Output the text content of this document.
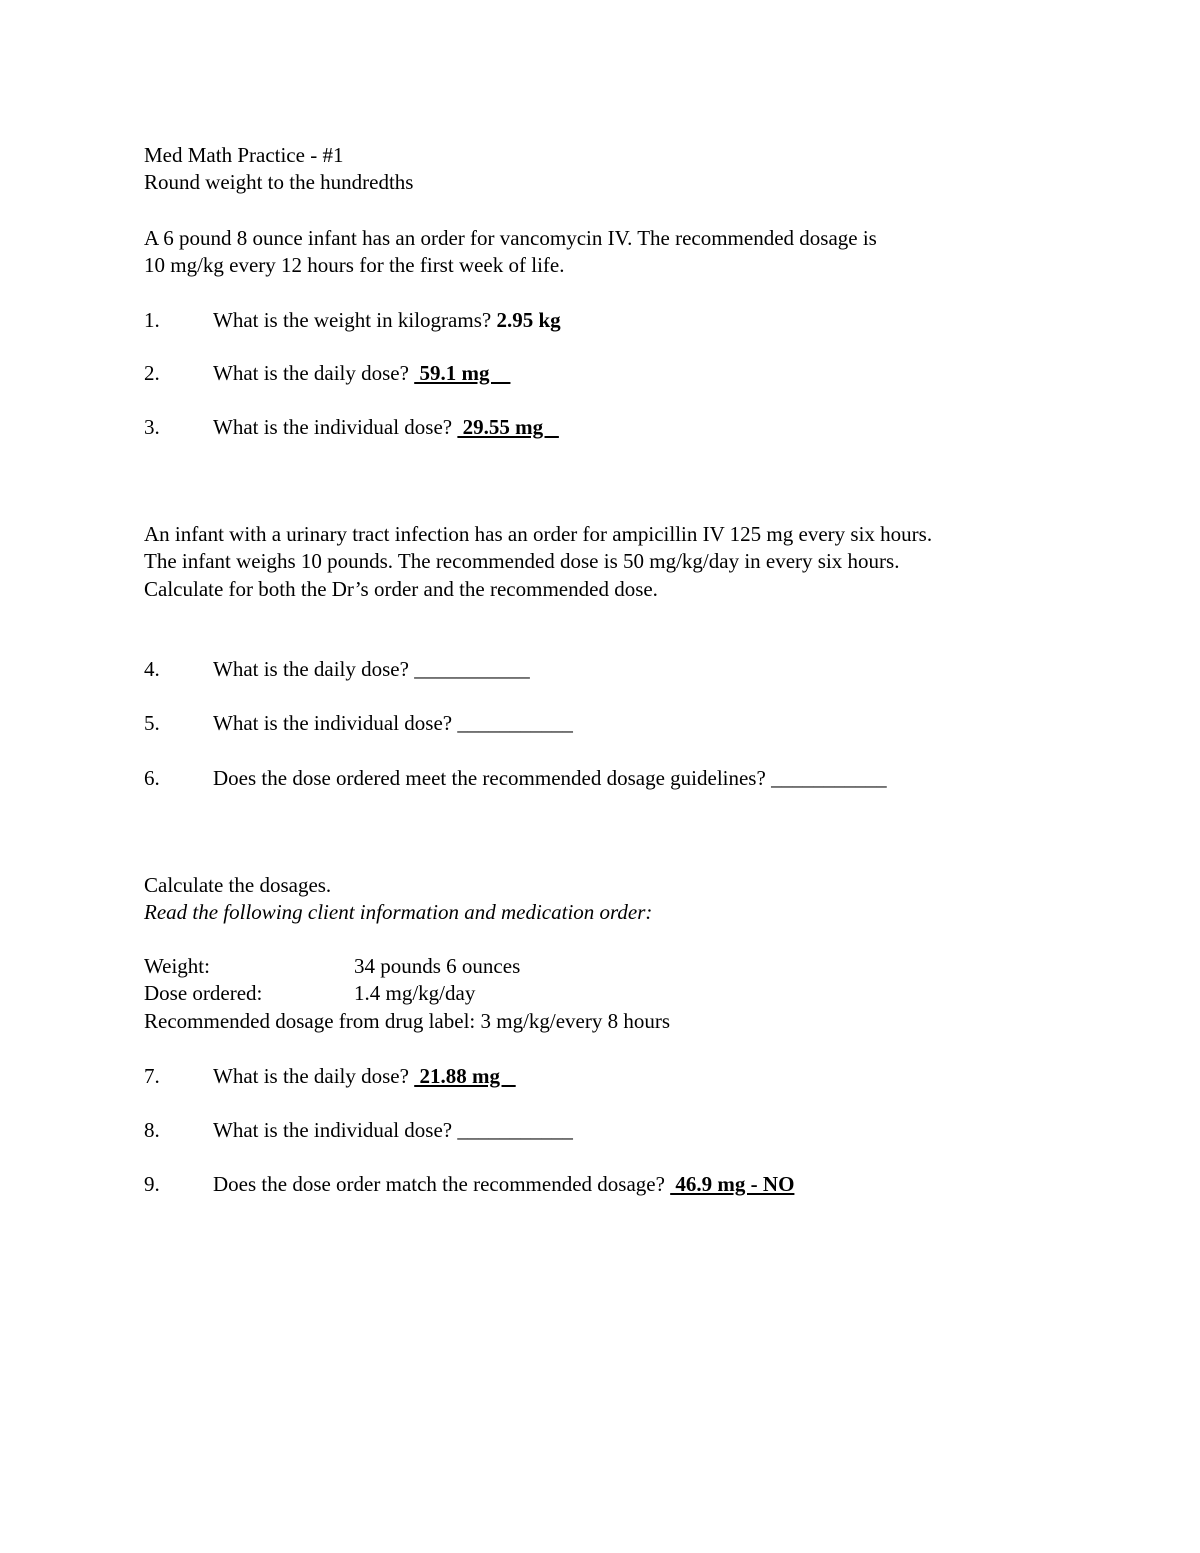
Med Math Practice - #1
Round weight to the hundredths
A 6 pound 8 ounce infant has an order for vancomycin IV. The recommended dosage is
10 mg/kg every 12 hours for the first week of life.
1.	What is the weight in kilograms? 2.95 kg
2.	What is the daily dose?  59.1 mg
3.	What is the individual dose?  29.55 mg
An infant with a urinary tract infection has an order for ampicillin IV 125 mg every six hours.
The infant weighs 10 pounds. The recommended dose is 50 mg/kg/day in every six hours.
Calculate for both the Dr’s order and the recommended dose.
4.	What is the daily dose? ___________
5.	What is the individual dose? ___________
6.	Does the dose ordered meet the recommended dosage guidelines? ___________
Calculate the dosages.
Read the following client information and medication order:
Weight:	34 pounds 6 ounces
Dose ordered:	1.4 mg/kg/day
Recommended dosage from drug label: 3 mg/kg/every 8 hours
7.	What is the daily dose?  21.88 mg
8.	What is the individual dose? ___________
9.	Does the dose order match the recommended dosage?  46.9 mg - NO
